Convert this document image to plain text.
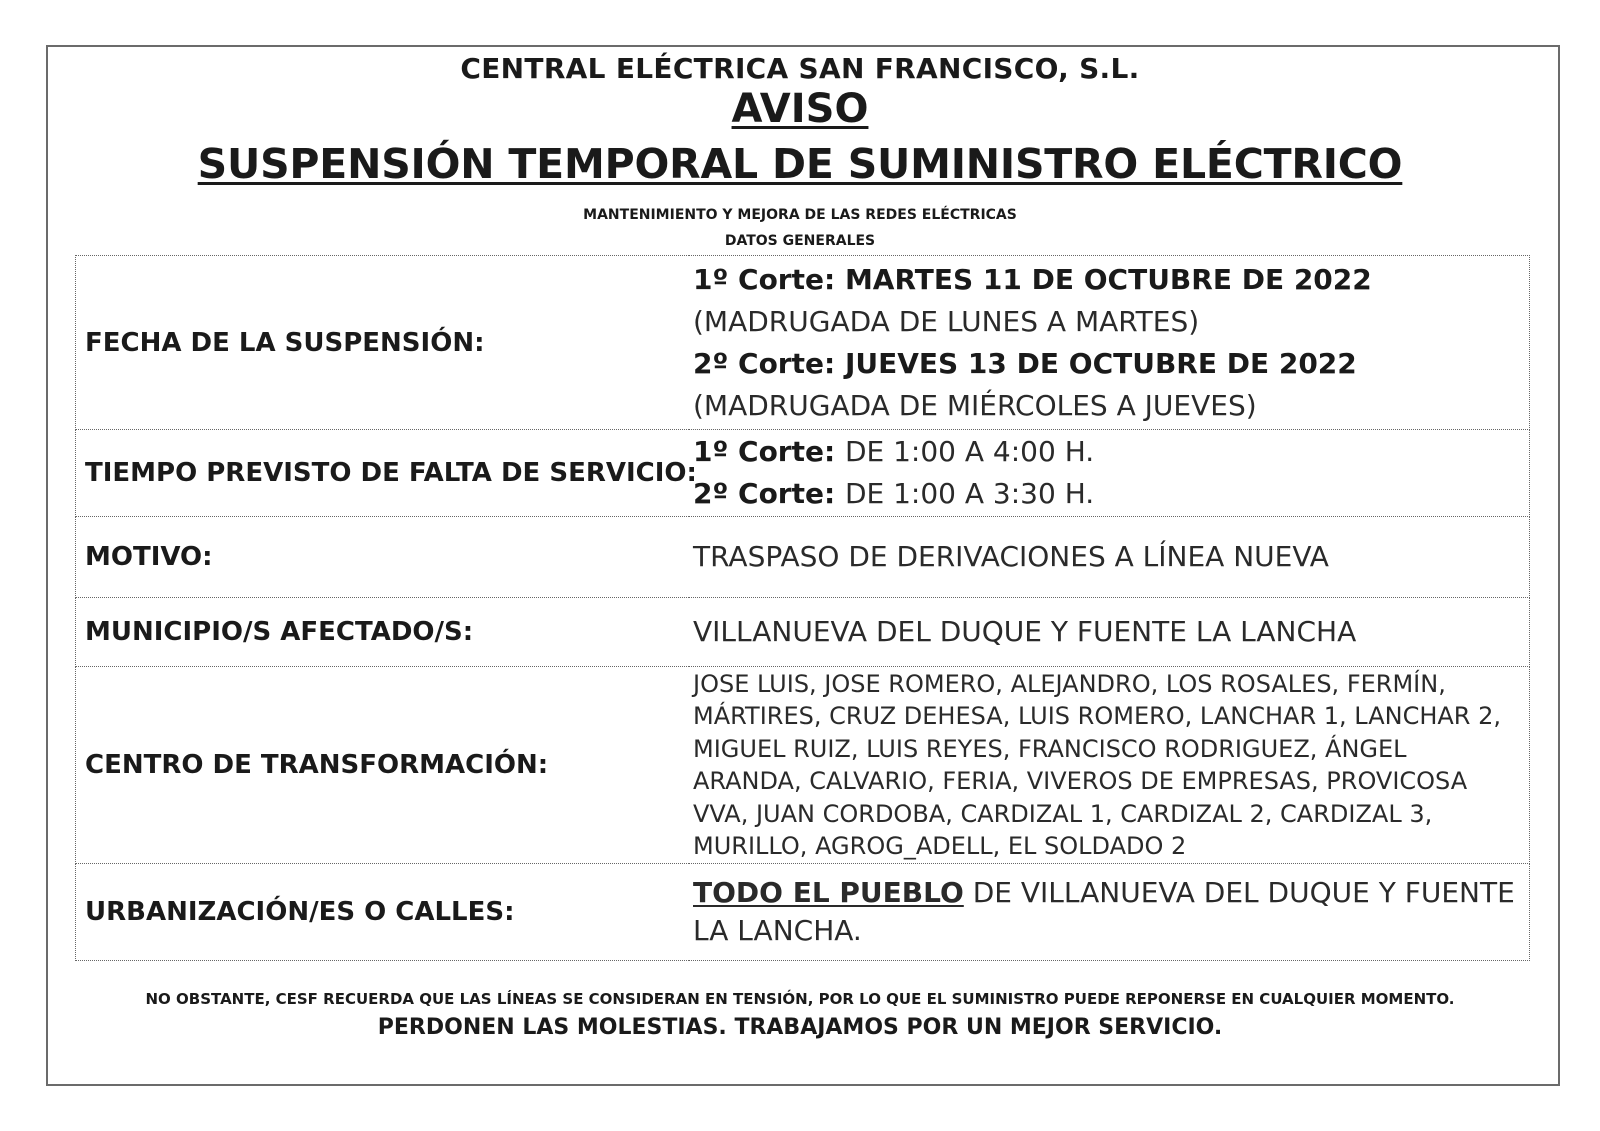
CENTRAL ELÉCTRICA SAN FRANCISCO, S.L.
AVISO
SUSPENSIÓN TEMPORAL DE SUMINISTRO ELÉCTRICO
MANTENIMIENTO Y MEJORA DE LAS REDES ELÉCTRICAS
DATOS GENERALES
FECHA DE LA SUSPENSIÓN:	1º Corte: MARTES 11 DE OCTUBRE DE 2022
(MADRUGADA DE LUNES A MARTES)
2º Corte: JUEVES 13 DE OCTUBRE DE 2022
(MADRUGADA DE MIÉRCOLES A JUEVES)

TIEMPO PREVISTO DE FALTA DE SERVICIO:	1º Corte: DE 1:00 A 4:00 H.
2º Corte: DE 1:00 A 3:30 H.

MOTIVO:	TRASPASO DE DERIVACIONES A LÍNEA NUEVA
MUNICIPIO/S AFECTADO/S:	VILLANUEVA DEL DUQUE Y FUENTE LA LANCHA
CENTRO DE TRANSFORMACIÓN:	JOSE LUIS, JOSE ROMERO, ALEJANDRO, LOS ROSALES, FERMÍN, MÁRTIRES, CRUZ DEHESA, LUIS ROMERO, LANCHAR 1, LANCHAR 2, MIGUEL RUIZ, LUIS REYES, FRANCISCO RODRIGUEZ, ÁNGEL ARANDA, CALVARIO, FERIA, VIVEROS DE EMPRESAS, PROVICOSA VVA, JUAN CORDOBA, CARDIZAL 1, CARDIZAL 2, CARDIZAL 3, MURILLO, AGROG_ADELL, EL SOLDADO 2
URBANIZACIÓN/ES O CALLES:	TODO EL PUEBLO DE VILLANUEVA DEL DUQUE Y FUENTE LA LANCHA.
NO OBSTANTE, CESF RECUERDA QUE LAS LÍNEAS SE CONSIDERAN EN TENSIÓN, POR LO QUE EL SUMINISTRO PUEDE REPONERSE EN CUALQUIER MOMENTO.
PERDONEN LAS MOLESTIAS. TRABAJAMOS POR UN MEJOR SERVICIO.
